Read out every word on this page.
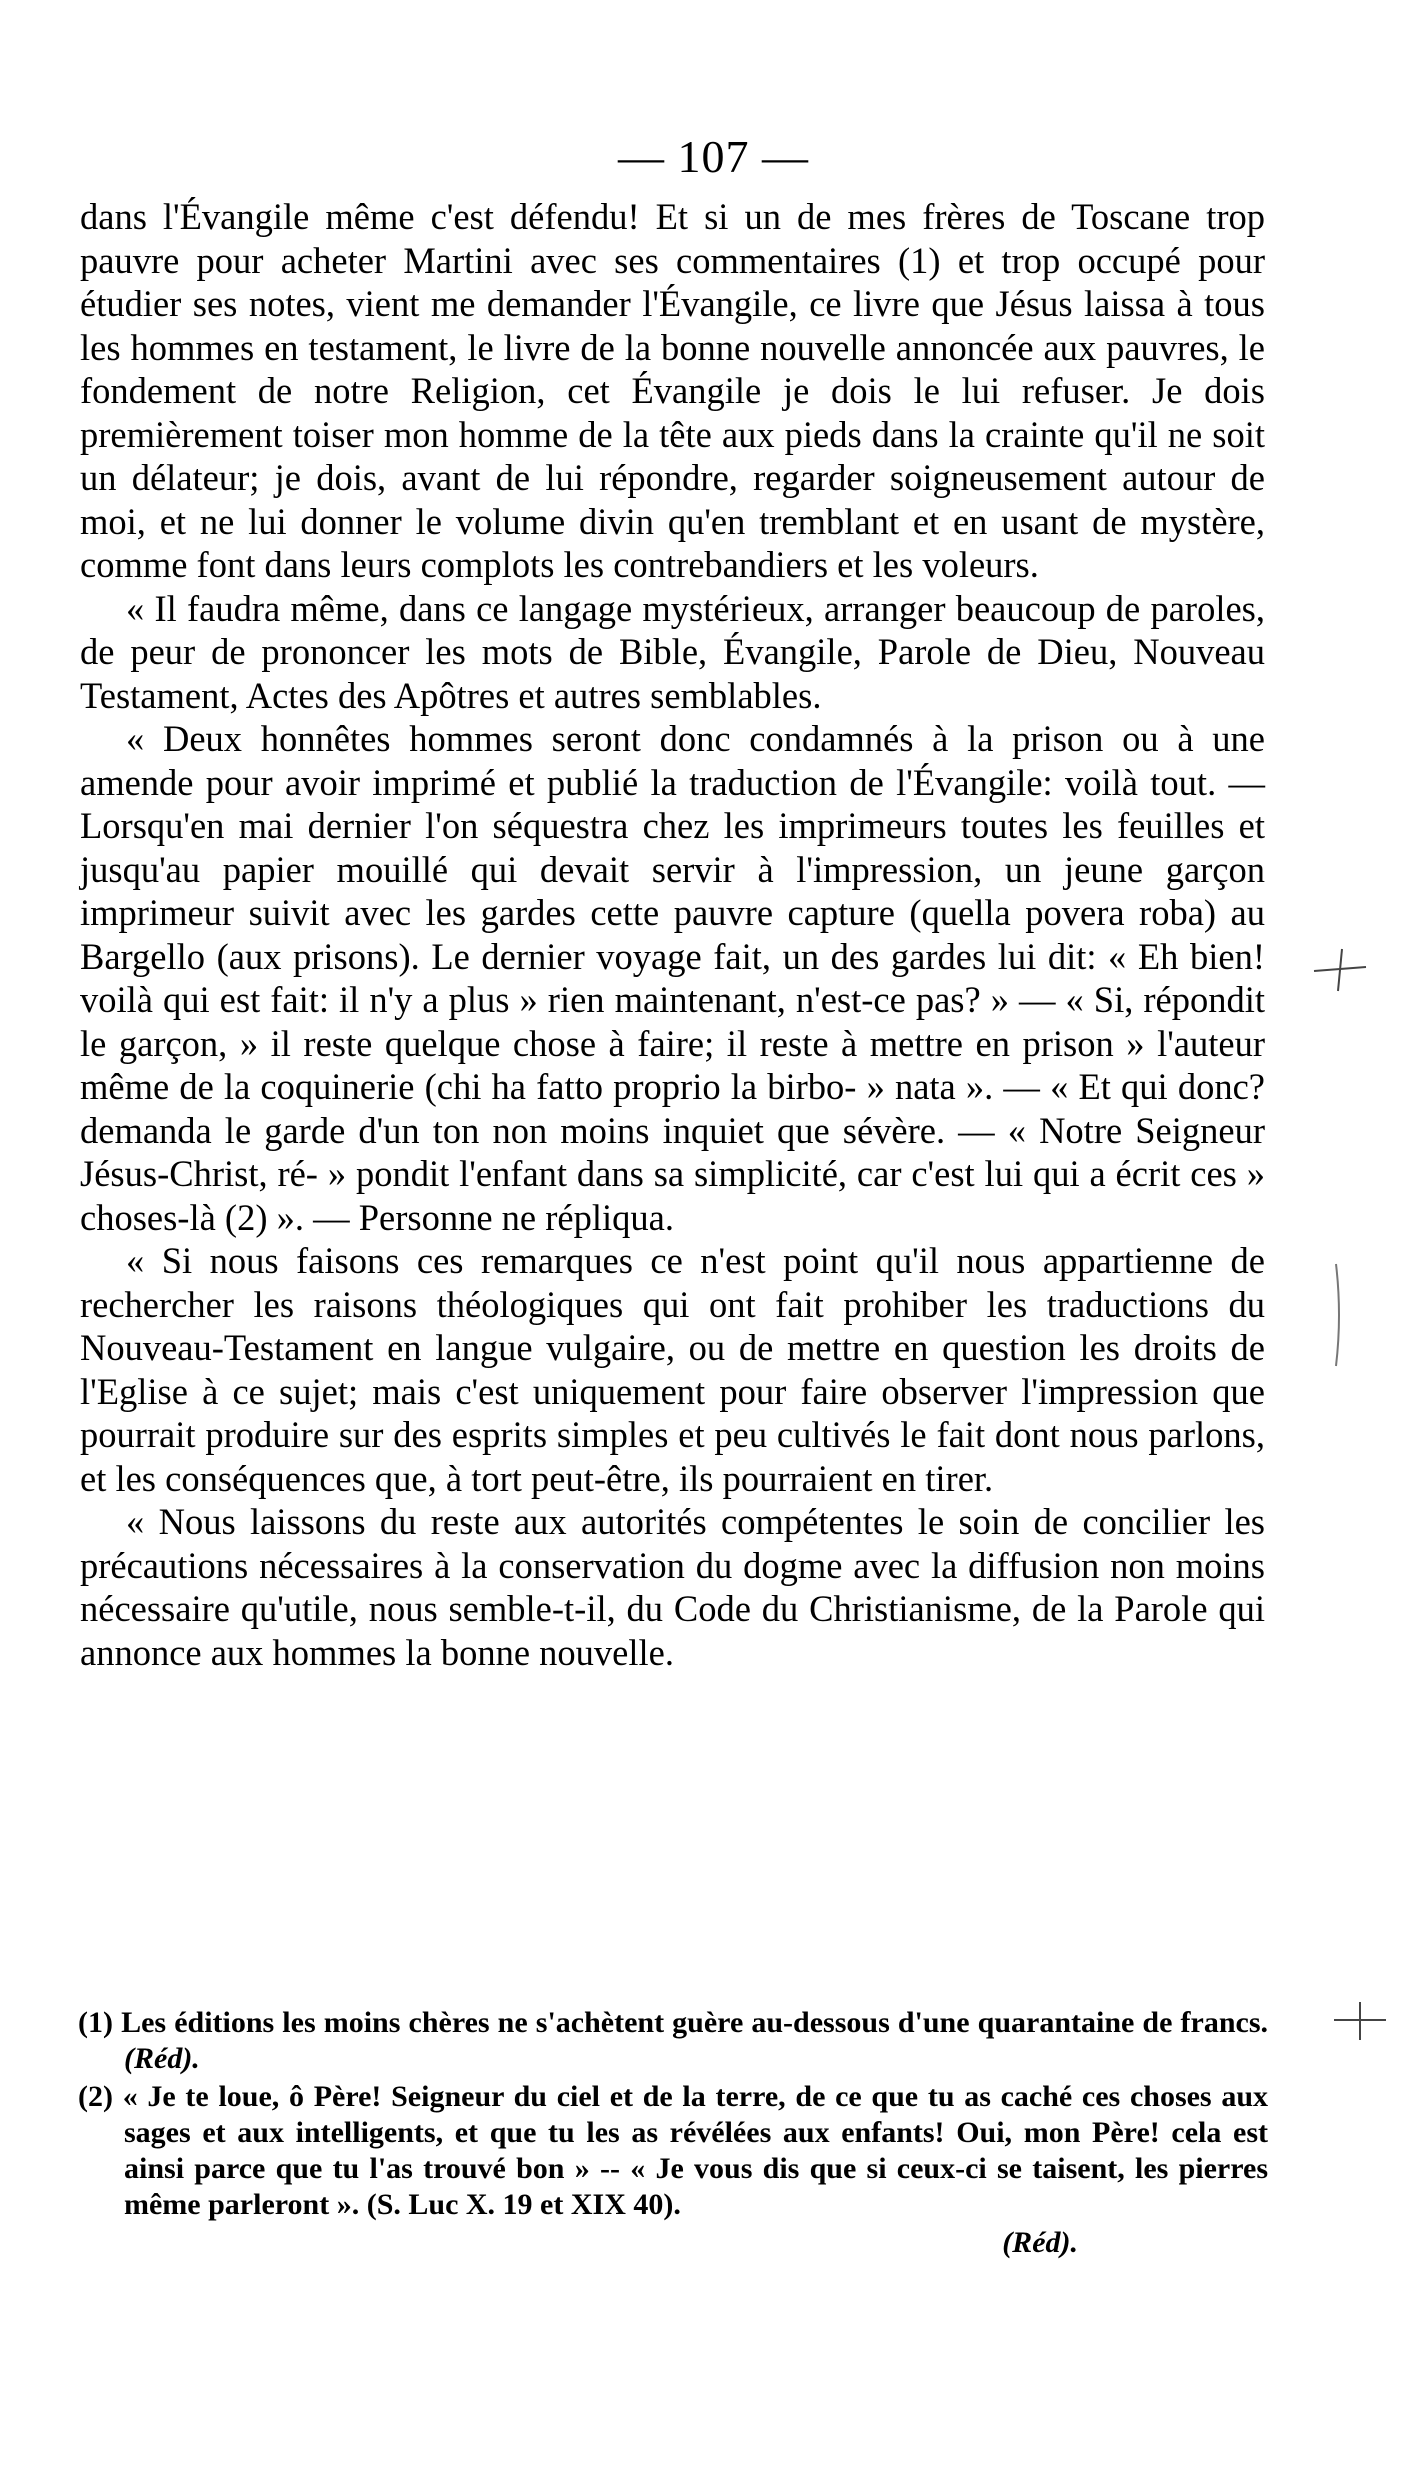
— 107 —

dans l'Évangile même c'est défendu! Et si un de mes frères de Toscane trop pauvre pour acheter Martini avec ses commentaires (1) et trop occupé pour étudier ses notes, vient me demander l'Évangile, ce livre que Jésus laissa à tous les hommes en testament, le livre de la bonne nouvelle annoncée aux pauvres, le fondement de notre Religion, cet Évangile je dois le lui refuser. Je dois premièrement toiser mon homme de la tête aux pieds dans la crainte qu'il ne soit un délateur; je dois, avant de lui répondre, regarder soigneusement autour de moi, et ne lui donner le volume divin qu'en tremblant et en usant de mystère, comme font dans leurs complots les contrebandiers et les voleurs.

« Il faudra même, dans ce langage mystérieux, arranger beaucoup de paroles, de peur de prononcer les mots de Bible, Évangile, Parole de Dieu, Nouveau Testament, Actes des Apôtres et autres semblables.

« Deux honnêtes hommes seront donc condamnés à la prison ou à une amende pour avoir imprimé et publié la traduction de l'Évangile: voilà tout. — Lorsqu'en mai dernier l'on séquestra chez les imprimeurs toutes les feuilles et jusqu'au papier mouillé qui devait servir à l'impression, un jeune garçon imprimeur suivit avec les gardes cette pauvre capture (quella povera roba) au Bargello (aux prisons). Le dernier voyage fait, un des gardes lui dit: « Eh bien! voilà qui est fait: il n'y a plus » rien maintenant, n'est-ce pas? » — « Si, répondit le garçon, » il reste quelque chose à faire; il reste à mettre en prison » l'auteur même de la coquinerie (chi ha fatto proprio la birbo- » nata ». — « Et qui donc? demanda le garde d'un ton non moins inquiet que sévère. — « Notre Seigneur Jésus-Christ, ré- » pondit l'enfant dans sa simplicité, car c'est lui qui a écrit ces » choses-là (2) ». — Personne ne répliqua.

« Si nous faisons ces remarques ce n'est point qu'il nous appartienne de rechercher les raisons théologiques qui ont fait prohiber les traductions du Nouveau-Testament en langue vulgaire, ou de mettre en question les droits de l'Eglise à ce sujet; mais c'est uniquement pour faire observer l'impression que pourrait produire sur des esprits simples et peu cultivés le fait dont nous parlons, et les conséquences que, à tort peut-être, ils pourraient en tirer.

« Nous laissons du reste aux autorités compétentes le soin de concilier les précautions nécessaires à la conservation du dogme avec la diffusion non moins nécessaire qu'utile, nous semble-t-il, du Code du Christianisme, de la Parole qui annonce aux hommes la bonne nouvelle.

(1) Les éditions les moins chères ne s'achètent guère au-dessous d'une quarantaine de francs. (Réd).
(2) « Je te loue, ô Père! Seigneur du ciel et de la terre, de ce que tu as caché ces choses aux sages et aux intelligents, et que tu les as révélées aux enfants! Oui, mon Père! cela est ainsi parce que tu l'as trouvé bon » -- « Je vous dis que si ceux-ci se taisent, les pierres même parleront ». (S. Luc X. 19 et XIX 40).
(Réd).
